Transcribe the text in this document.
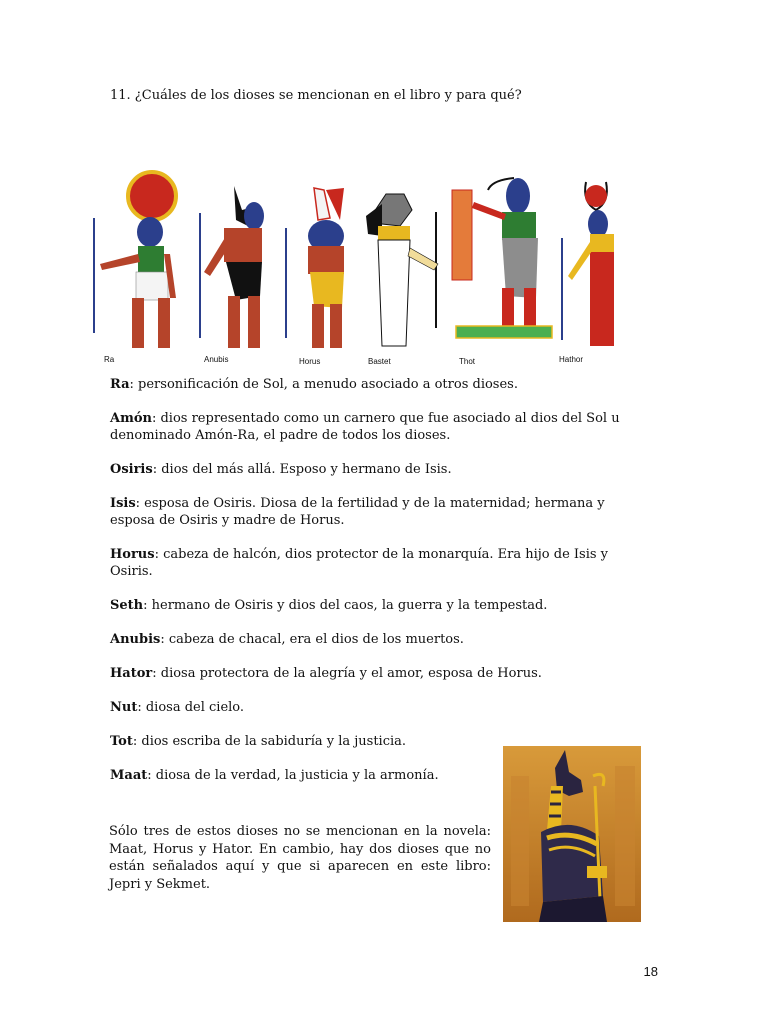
11. ¿Cuáles de los dioses se mencionan en el libro y para qué?
Ra	Anubis	Horus	Bastet	Thot	Hathor

Ra: personificación de Sol, a menudo asociado a otros dioses.

Amón: dios representado como un carnero que fue asociado al dios del Sol u denominado Amón-Ra, el padre de todos los dioses.

Osiris: dios del más allá. Esposo y hermano de Isis.

Isis: esposa de Osiris. Diosa de la fertilidad y de la maternidad; hermana y esposa de Osiris y madre de Horus.

Horus: cabeza de halcón, dios protector de la monarquía. Era hijo de Isis y Osiris.

Seth: hermano de Osiris y dios del caos, la guerra y la tempestad.

Anubis: cabeza de chacal, era el dios de los muertos.

Hator: diosa protectora de la alegría y el amor, esposa de Horus.

Nut: diosa del cielo.

Tot: dios escriba de la sabiduría y la justicia.

Maat: diosa de la verdad, la justicia y la armonía.

Sólo tres de estos dioses no se mencionan en la novela: Maat, Horus y Hator. En cambio, hay dos dioses que no están señalados aquí y que si aparecen en este libro: Jepri y Sekmet.

18
